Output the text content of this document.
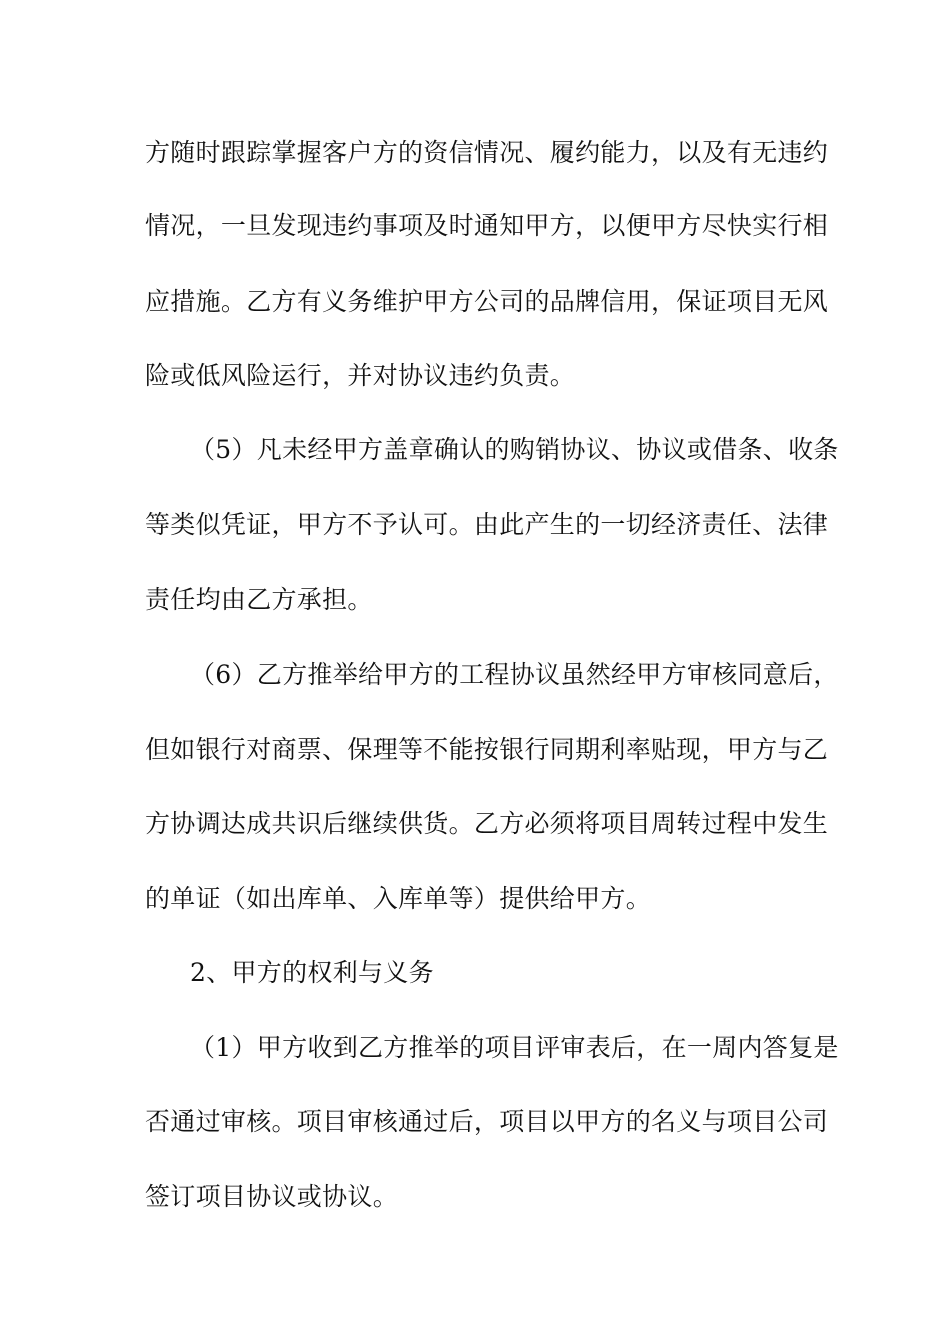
方随时跟踪掌握客户方的资信情况、履约能力，以及有无违约
情况，一旦发现违约事项及时通知甲方，以便甲方尽快实行相
应措施。乙方有义务维护甲方公司的品牌信用，保证项目无风
险或低风险运行，并对协议违约负责。
（5）凡未经甲方盖章确认的购销协议、协议或借条、收条
等类似凭证，甲方不予认可。由此产生的一切经济责任、法律
责任均由乙方承担。
（6）乙方推举给甲方的工程协议虽然经甲方审核同意后，
但如银行对商票、保理等不能按银行同期利率贴现，甲方与乙
方协调达成共识后继续供货。乙方必须将项目周转过程中发生
的单证（如出库单、入库单等）提供给甲方。
2、甲方的权利与义务
（1）甲方收到乙方推举的项目评审表后，在一周内答复是
否通过审核。项目审核通过后，项目以甲方的名义与项目公司
签订项目协议或协议。
